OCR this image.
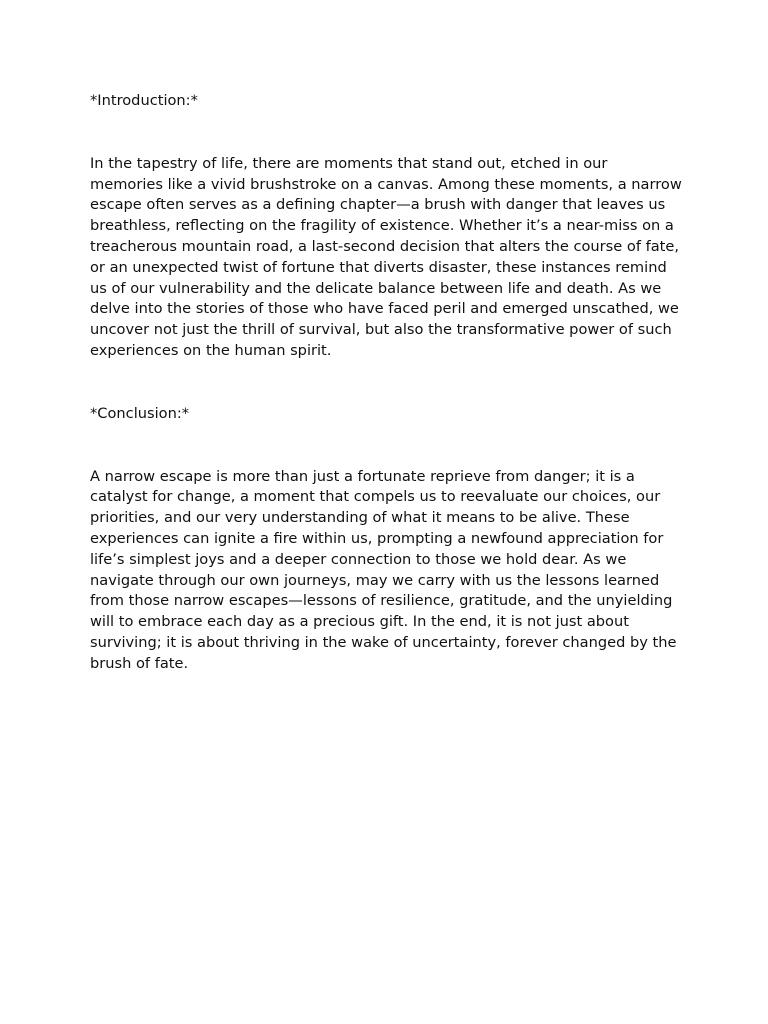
*Introduction:*

In the tapestry of life, there are moments that stand out, etched in our memories like a vivid brushstroke on a canvas. Among these moments, a narrow escape often serves as a defining chapter—a brush with danger that leaves us breathless, reflecting on the fragility of existence. Whether it’s a near-miss on a treacherous mountain road, a last-second decision that alters the course of fate, or an unexpected twist of fortune that diverts disaster, these instances remind us of our vulnerability and the delicate balance between life and death. As we delve into the stories of those who have faced peril and emerged unscathed, we uncover not just the thrill of survival, but also the transformative power of such experiences on the human spirit.

*Conclusion:*

A narrow escape is more than just a fortunate reprieve from danger; it is a catalyst for change, a moment that compels us to reevaluate our choices, our priorities, and our very understanding of what it means to be alive. These experiences can ignite a fire within us, prompting a newfound appreciation for life’s simplest joys and a deeper connection to those we hold dear. As we navigate through our own journeys, may we carry with us the lessons learned from those narrow escapes—lessons of resilience, gratitude, and the unyielding will to embrace each day as a precious gift. In the end, it is not just about surviving; it is about thriving in the wake of uncertainty, forever changed by the brush of fate.
